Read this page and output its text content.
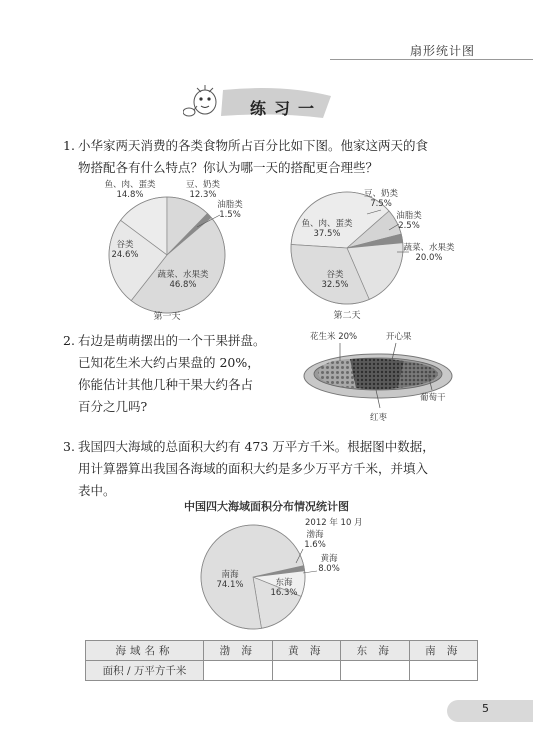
扇形统计图
练习一
1. 小华家两天消费的各类食物所占百分比如下图。他家这两天的食
物搭配各有什么特点？你认为哪一天的搭配更合理些？
鱼、肉、蛋类
14.8%
豆、奶类
12.3%
油脂类
1.5%
蔬菜、水果类
46.8%
谷类
24.6%
第一天
鱼、肉、蛋类
37.5%
豆、奶类
7.5%
油脂类
2.5%
蔬菜、水果类
20.0%
谷类
32.5%
第二天
2. 右边是萌萌摆出的一个干果拼盘。
已知花生米大约占果盘的 20%，
你能估计其他几种干果大约各占
百分之几吗?
花生米 20%	开心果
葡萄干
红枣
3. 我国四大海域的总面积大约有 473 万平方千米。根据图中数据，
用计算器算出我国各海域的面积大约是多少万平方千米，并填入
表中。
中国四大海域面积分布情况统计图
渤海
1.6%
黄海
8.0%
东海
16.3%
南海
74.1%
2012 年 10 月
海域名称	渤 海	黄 海	东 海	南 海
面积 / 万平方千米				
5
